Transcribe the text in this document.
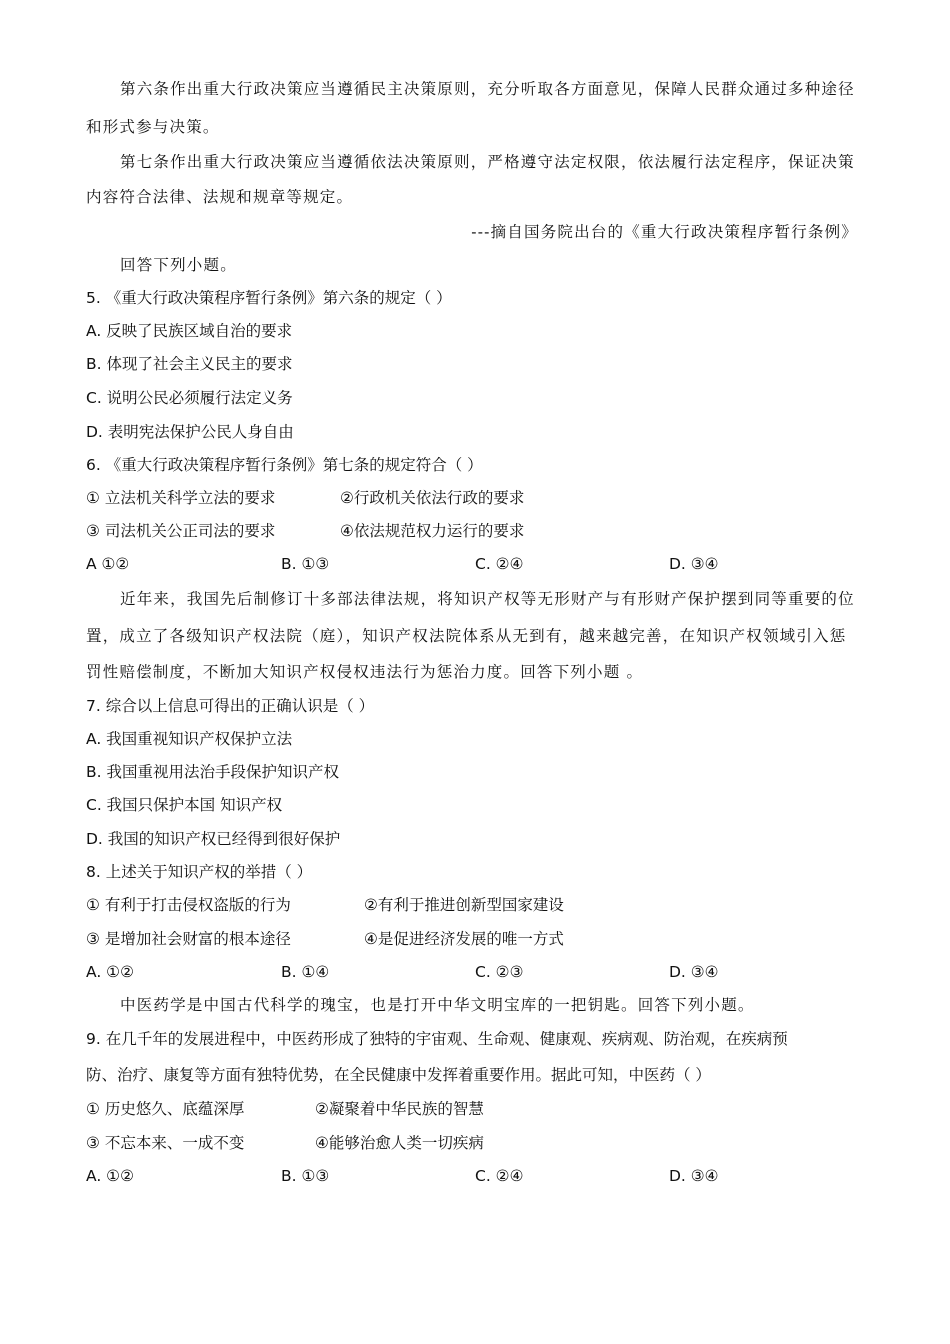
第六条作出重大行政决策应当遵循民主决策原则，充分听取各方面意见，保障人民群众通过多种途径
和形式参与决策。
第七条作出重大行政决策应当遵循依法决策原则，严格遵守法定权限，依法履行法定程序，保证决策
内容符合法律、法规和规章等规定。
---摘自国务院出台的《重大行政决策程序暂行条例》
回答下列小题。
5. 《重大行政决策程序暂行条例》第六条的规定（ ）
A. 反映了民族区域自治的要求
B. 体现了社会主义民主的要求
C. 说明公民必须履行法定义务
D. 表明宪法保护公民人身自由
6. 《重大行政决策程序暂行条例》第七条的规定符合（ ）
① 立法机关科学立法的要求	②行政机关依法行政的要求
③ 司法机关公正司法的要求	④依法规范权力运行的要求
A ①②	B. ①③	C. ②④	D. ③④
近年来，我国先后制修订十多部法律法规，将知识产权等无形财产与有形财产保护摆到同等重要的位
置，成立了各级知识产权法院（庭），知识产权法院体系从无到有，越来越完善，在知识产权领域引入惩
罚性赔偿制度，不断加大知识产权侵权违法行为惩治力度。回答下列小题 。
7. 综合以上信息可得出的正确认识是（ ）
A. 我国重视知识产权保护立法
B. 我国重视用法治手段保护知识产权
C. 我国只保护本国 知识产权
D. 我国的知识产权已经得到很好保护
8. 上述关于知识产权的举措（ ）
① 有利于打击侵权盗版的行为	②有利于推进创新型国家建设
③ 是增加社会财富的根本途径	④是促进经济发展的唯一方式
A. ①②	B. ①④	C. ②③	D. ③④
中医药学是中国古代科学的瑰宝，也是打开中华文明宝库的一把钥匙。回答下列小题。
9. 在几千年的发展进程中，中医药形成了独特的宇宙观、生命观、健康观、疾病观、防治观，在疾病预
防、治疗、康复等方面有独特优势，在全民健康中发挥着重要作用。据此可知，中医药（ ）
① 历史悠久、底蕴深厚	②凝聚着中华民族的智慧
③ 不忘本来、一成不变	④能够治愈人类一切疾病
A. ①②	B. ①③	C. ②④	D. ③④
